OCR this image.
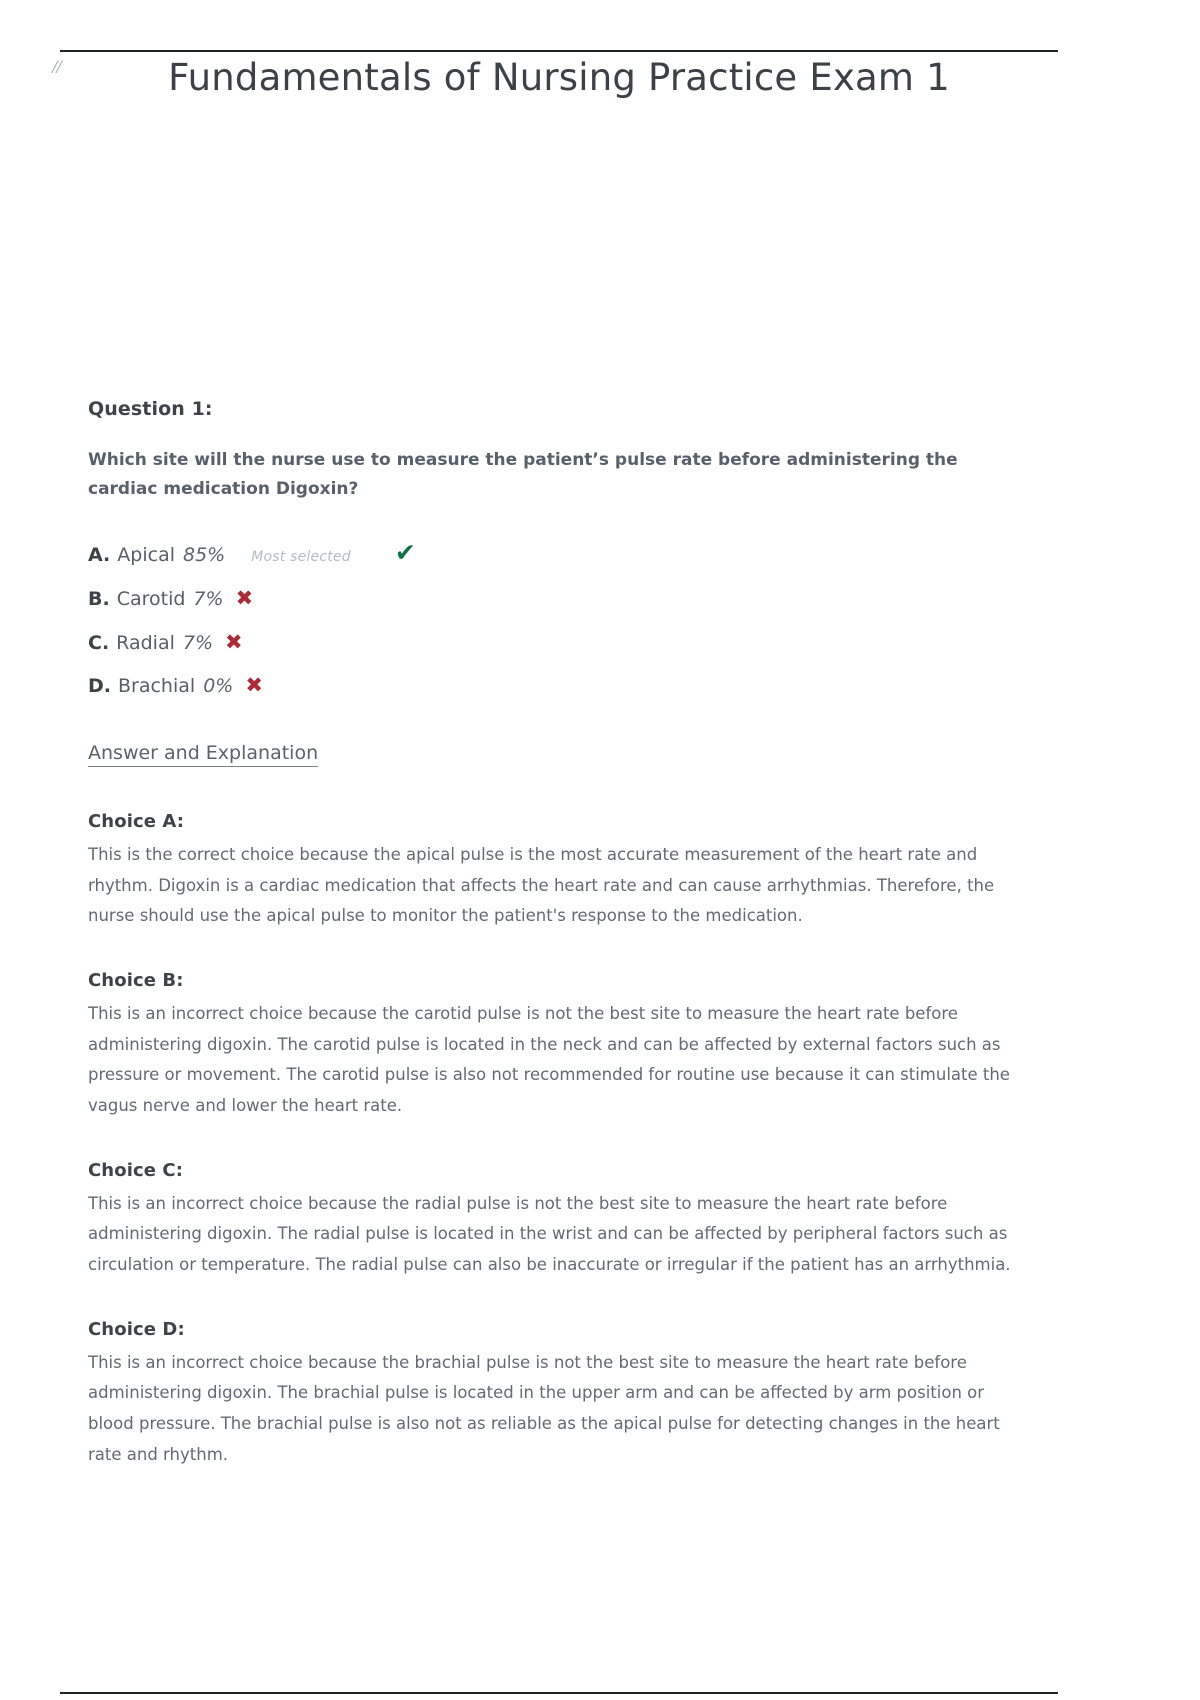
//	Fundamentals of Nursing Practice Exam 1
Question 1:
Which site will the nurse use to measure the patient’s pulse rate before administering the cardiac medication Digoxin?
A. Apical 85% Most selected ✔
B. Carotid 7% ✖
C. Radial 7% ✖
D. Brachial 0% ✖
Answer and Explanation
Choice A:

This is the correct choice because the apical pulse is the most accurate measurement of the heart rate and rhythm. Digoxin is a cardiac medication that affects the heart rate and can cause arrhythmias. Therefore, the nurse should use the apical pulse to monitor the patient's response to the medication.

Choice B:

This is an incorrect choice because the carotid pulse is not the best site to measure the heart rate before administering digoxin. The carotid pulse is located in the neck and can be affected by external factors such as pressure or movement. The carotid pulse is also not recommended for routine use because it can stimulate the vagus nerve and lower the heart rate.

Choice C:

This is an incorrect choice because the radial pulse is not the best site to measure the heart rate before administering digoxin. The radial pulse is located in the wrist and can be affected by peripheral factors such as circulation or temperature. The radial pulse can also be inaccurate or irregular if the patient has an arrhythmia.

Choice D:

This is an incorrect choice because the brachial pulse is not the best site to measure the heart rate before administering digoxin. The brachial pulse is located in the upper arm and can be affected by arm position or blood pressure. The brachial pulse is also not as reliable as the apical pulse for detecting changes in the heart rate and rhythm.
